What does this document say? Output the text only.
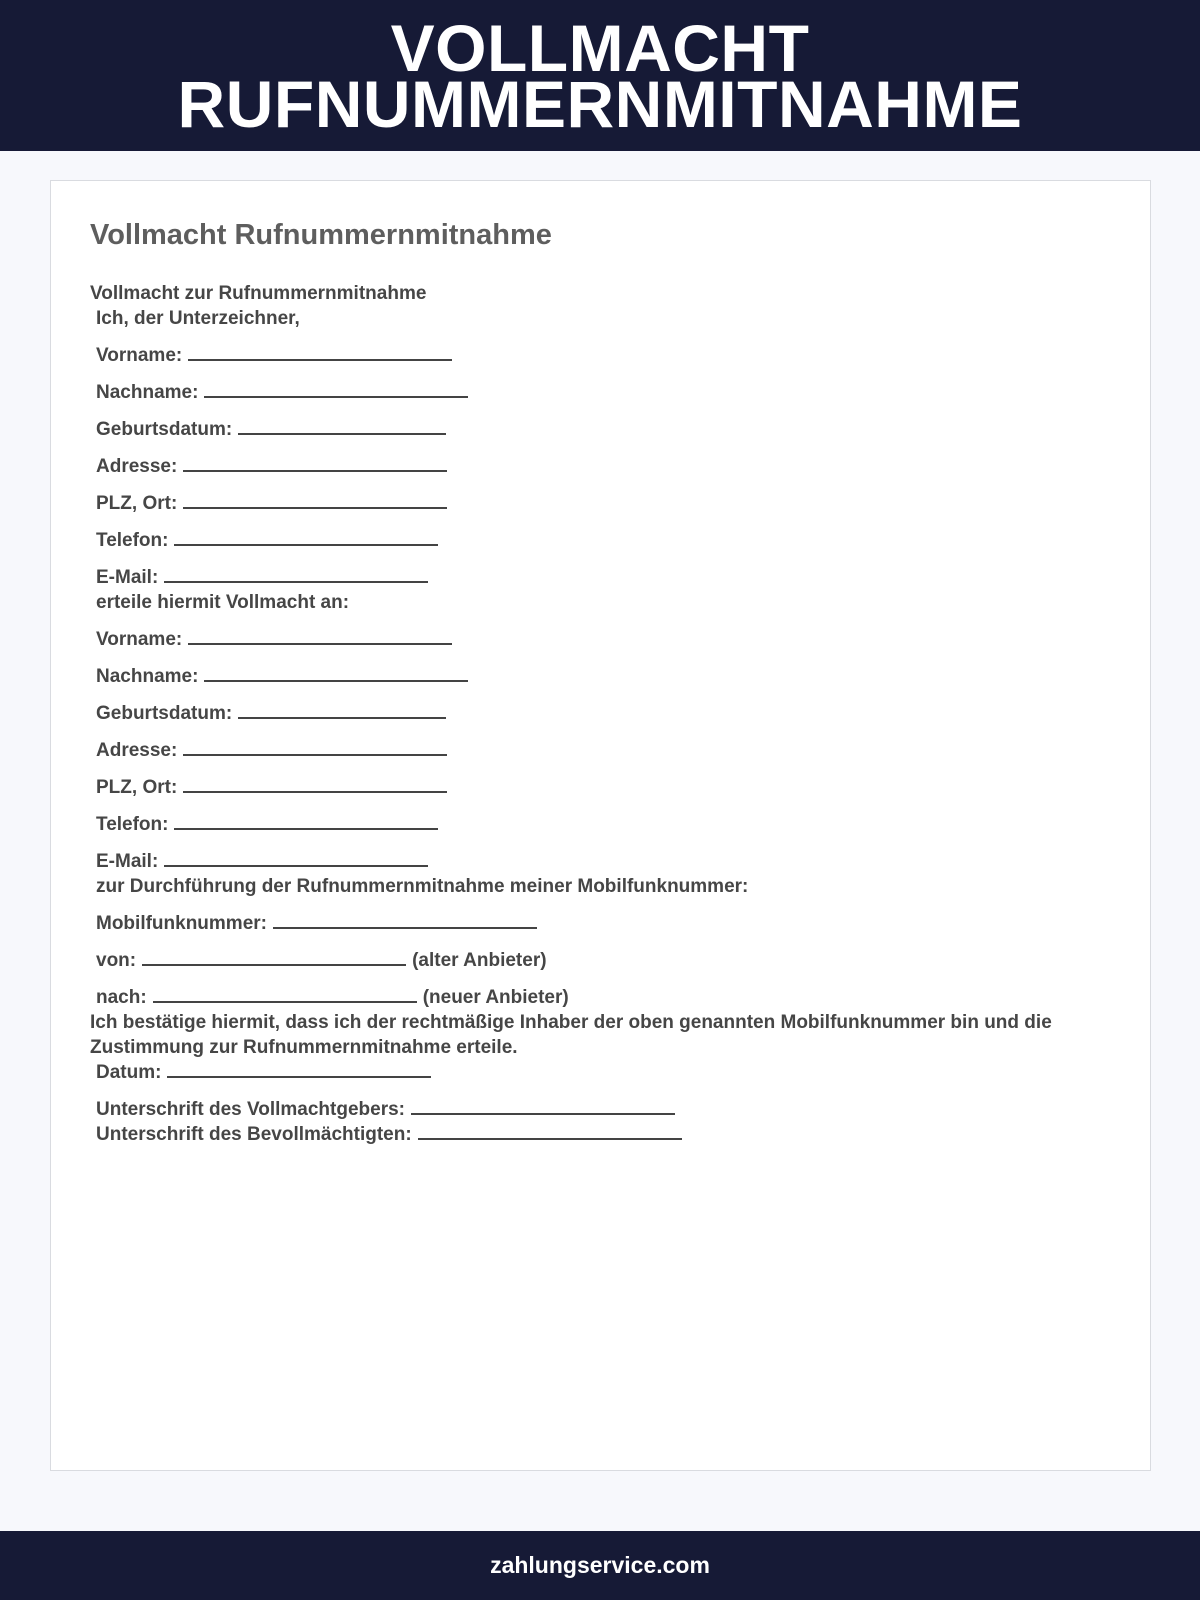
VOLLMACHT
RUFNUMMERNMITNAHME
Vollmacht Rufnummernmitnahme
Vollmacht zur Rufnummernmitnahme
Ich, der Unterzeichner,
Vorname:
Nachname:
Geburtsdatum:
Adresse:
PLZ, Ort:
Telefon:
E-Mail:
erteile hiermit Vollmacht an:
Vorname:
Nachname:
Geburtsdatum:
Adresse:
PLZ, Ort:
Telefon:
E-Mail:
zur Durchführung der Rufnummernmitnahme meiner Mobilfunknummer:
Mobilfunknummer:
von:	(alter Anbieter)
nach:	(neuer Anbieter)
Ich bestätige hiermit, dass ich der rechtmäßige Inhaber der oben genannten Mobilfunknummer bin und die Zustimmung zur Rufnummernmitnahme erteile.
Datum:
Unterschrift des Vollmachtgebers:
Unterschrift des Bevollmächtigten:
zahlungservice.com
